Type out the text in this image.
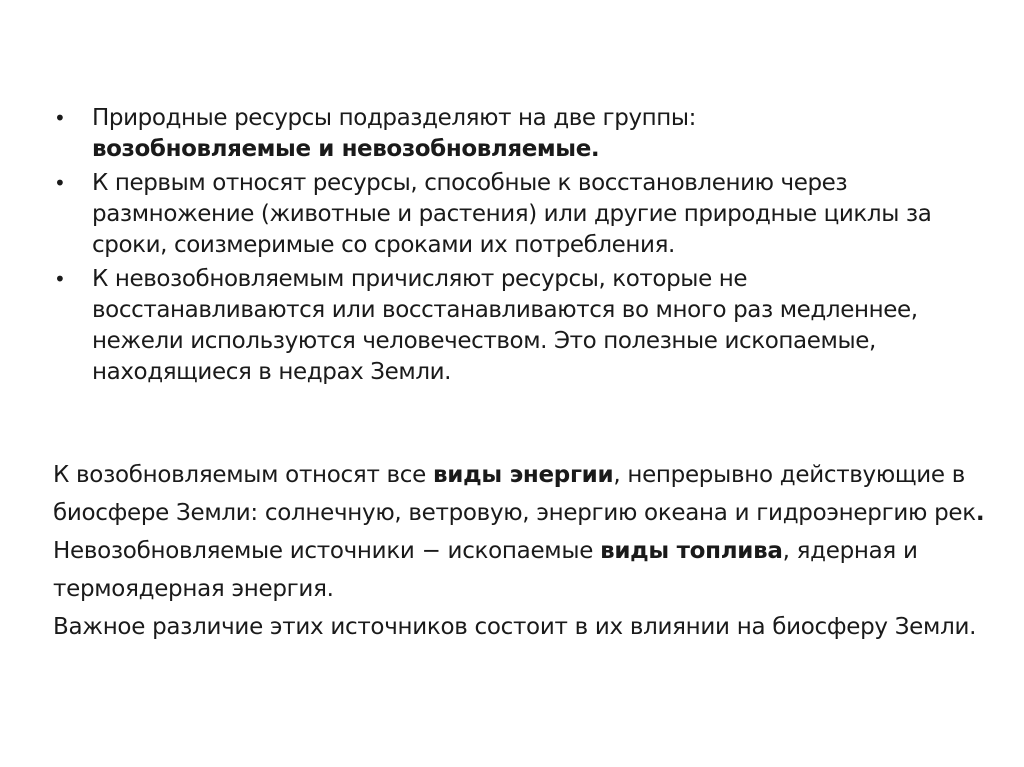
• Природные ресурсы подразделяют на две группы:
возобновляемые и невозобновляемые.
• К первым относят ресурсы, способные к восстановлению через размножение (животные и растения) или другие природные циклы за сроки, соизмеримые со сроками их потребления.
• К невозобновляемым причисляют ресурсы, которые не восстанавливаются или восстанавливаются во много раз медленнее, нежели используются человечеством. Это полезные ископаемые, находящиеся в недрах Земли.

К возобновляемым относят все виды энергии, непрерывно действующие в биосфере Земли: солнечную, ветровую, энергию океана и гидроэнергию рек.

Невозобновляемые источники − ископаемые виды топлива, ядерная и термоядерная энергия.

Важное различие этих источников состоит в их влиянии на биосферу Земли.
